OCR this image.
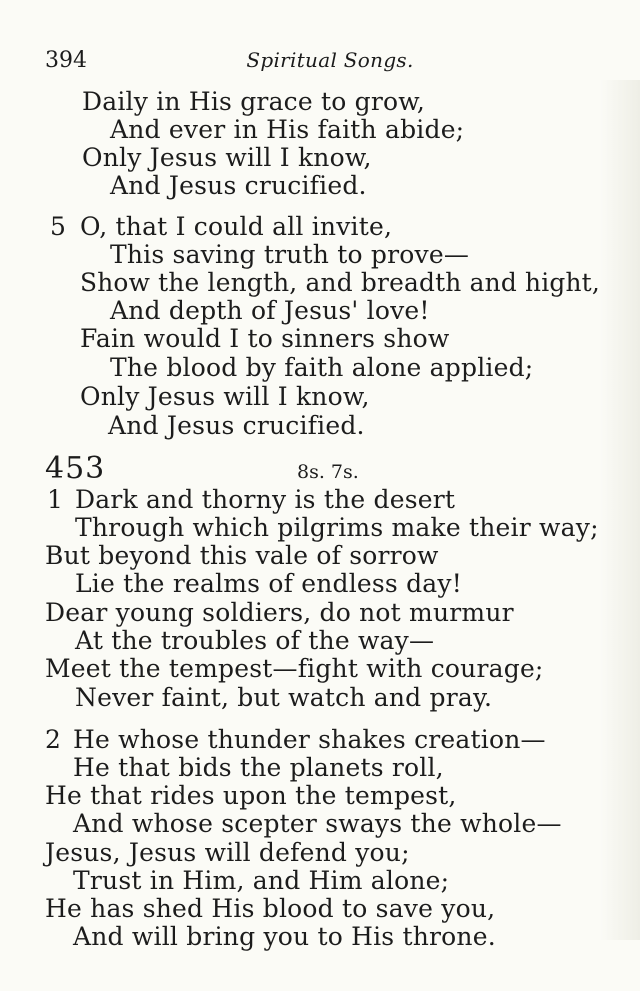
394	Spiritual Songs.
Daily in His grace to grow,
And ever in His faith abide;
Only Jesus will I know,
And Jesus crucified.
5 O, that I could all invite,
This saving truth to prove—
Show the length, and breadth and hight,
And depth of Jesus' love!
Fain would I to sinners show
The blood by faith alone applied;
Only Jesus will I know,
And Jesus crucified.
453	8s. 7s.
1 Dark and thorny is the desert
Through which pilgrims make their way;
But beyond this vale of sorrow
Lie the realms of endless day!
Dear young soldiers, do not murmur
At the troubles of the way—
Meet the tempest—fight with courage;
Never faint, but watch and pray.
2 He whose thunder shakes creation—
He that bids the planets roll,
He that rides upon the tempest,
And whose scepter sways the whole—
Jesus, Jesus will defend you;
Trust in Him, and Him alone;
He has shed His blood to save you,
And will bring you to His throne.
